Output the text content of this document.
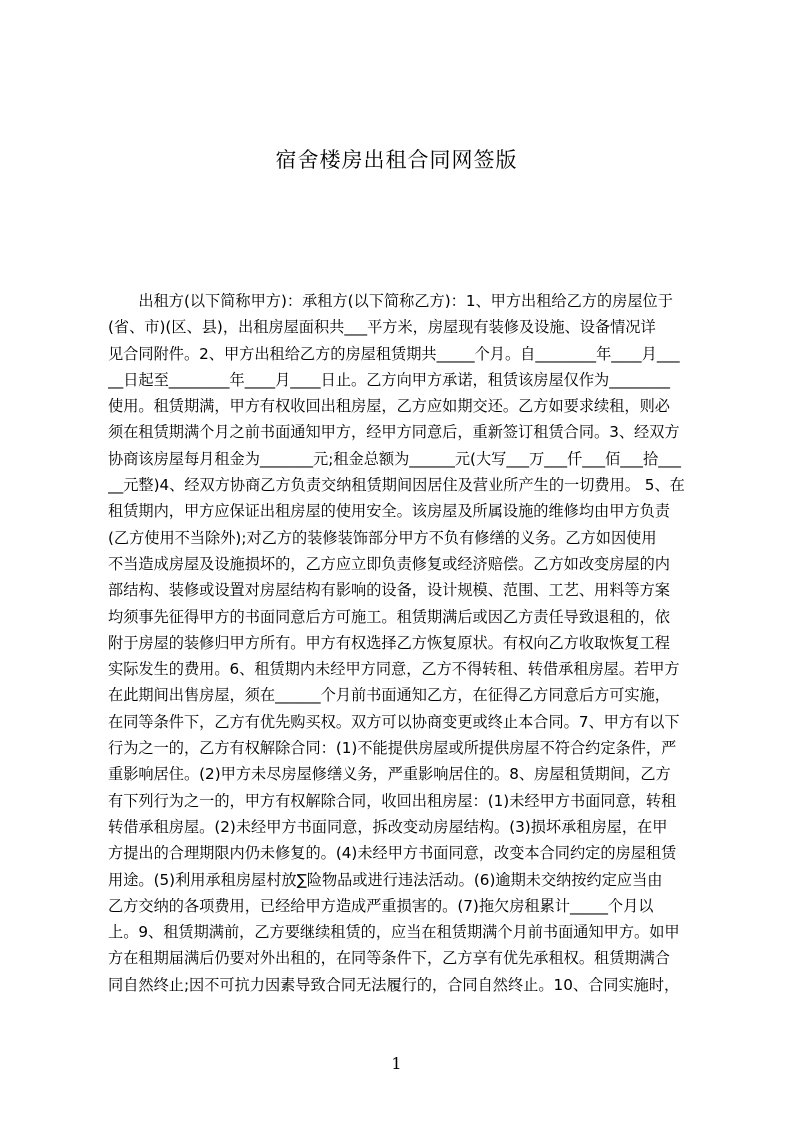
宿舍楼房出租合同网签版
　　出租方(以下简称甲方)：承租方(以下简称乙方)：1、甲方出租给乙方的房屋位于
(省、市)(区、县)，出租房屋面积共___平方米，房屋现有装修及设施、设备情况详
见合同附件。2、甲方出租给乙方的房屋租赁期共_____个月。自________年____月___
__日起至________年____月____日止。乙方向甲方承诺，租赁该房屋仅作为________
使用。租赁期满，甲方有权收回出租房屋，乙方应如期交还。乙方如要求续租，则必
须在租赁期满个月之前书面通知甲方，经甲方同意后，重新签订租赁合同。3、经双方
协商该房屋每月租金为_______元;租金总额为______元(大写___万___仟___佰___拾___
__元整)4、经双方协商乙方负责交纳租赁期间因居住及营业所产生的一切费用。 5、在
租赁期内，甲方应保证出租房屋的使用安全。该房屋及所属设施的维修均由甲方负责
(乙方使用不当除外);对乙方的装修装饰部分甲方不负有修缮的义务。乙方如因使用
不当造成房屋及设施损坏的，乙方应立即负责修复或经济赔偿。乙方如改变房屋的内
部结构、装修或设置对房屋结构有影响的设备，设计规模、范围、工艺、用料等方案
均须事先征得甲方的书面同意后方可施工。租赁期满后或因乙方责任导致退租的，依
附于房屋的装修归甲方所有。甲方有权选择乙方恢复原状。有权向乙方收取恢复工程
实际发生的费用。6、租赁期内未经甲方同意，乙方不得转租、转借承租房屋。若甲方
在此期间出售房屋，须在______个月前书面通知乙方，在征得乙方同意后方可实施，
在同等条件下，乙方有优先购买权。双方可以协商变更或终止本合同。7、甲方有以下
行为之一的，乙方有权解除合同：(1)不能提供房屋或所提供房屋不符合约定条件，严
重影响居住。(2)甲方未尽房屋修缮义务，严重影响居住的。8、房屋租赁期间，乙方
有下列行为之一的，甲方有权解除合同，收回出租房屋：(1)未经甲方书面同意，转租
转借承租房屋。(2)未经甲方书面同意，拆改变动房屋结构。(3)损坏承租房屋，在甲
方提出的合理期限内仍未修复的。(4)未经甲方书面同意，改变本合同约定的房屋租赁
用途。(5)利用承租房屋村放∑险物品或进行违法活动。(6)逾期未交纳按约定应当由
乙方交纳的各项费用，已经给甲方造成严重损害的。(7)拖欠房租累计_____个月以
上。9、租赁期满前，乙方要继续租赁的，应当在租赁期满个月前书面通知甲方。如甲
方在租期届满后仍要对外出租的，在同等条件下，乙方享有优先承租权。租赁期满合
同自然终止;因不可抗力因素导致合同无法履行的，合同自然终止。10、合同实施时，
1
